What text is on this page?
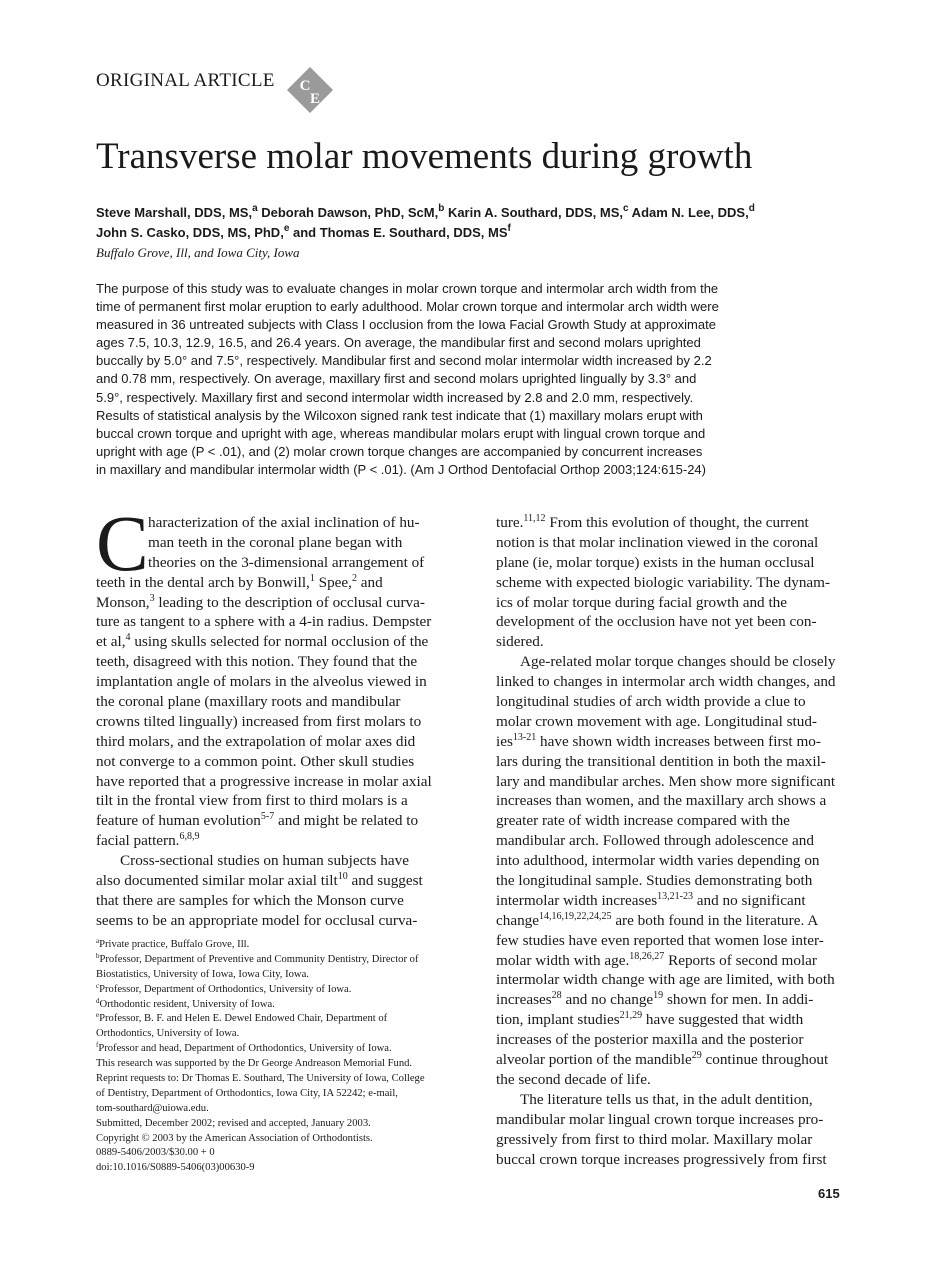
ORIGINAL ARTICLE C
E
Transverse molar movements during growth
Steve Marshall, DDS, MS,$^a$ Deborah Dawson, PhD, ScM,$^b$ Karin A. Southard, DDS, MS,$^c$ Adam N. Lee, DDS,$^d$
John S. Casko, DDS, MS, PhD,$^e$ and Thomas E. Southard, DDS, $MS^f$
Buffalo Grove, Ill, and Iowa City, Iowa
The purpose of this study was to evaluate changes in molar crown torque and intermolar arch width from the
time of permanent first molar eruption to early adulthood. Molar crown torque and intermolar arch width were
measured in 36 untreated subjects with Class I occlusion from the Iowa Facial Growth Study at approximate
ages 7.5, 10.3, 12.9, 16.5, and 26.4 years. On average, the mandibular first and second molars uprighted
buccally by 5.0° and 7.5°, respectively. Mandibular first and second molar intermolar width increased by 2.2
and 0.78 mm, respectively. On average, maxillary first and second molars uprighted lingually by 3.3° and
5.9°, respectively. Maxillary first and second intermolar width increased by 2.8 and 2.0 mm, respectively.
Results of statistical analysis by the Wilcoxon signed rank test indicate that (1) maxillary molars erupt with
buccal crown torque and upright with age, whereas mandibular molars erupt with lingual crown torque and
upright with age (P < .01), and (2) molar crown torque changes are accompanied by concurrent increases
in maxillary and mandibular intermolar width (P < .01). (Am J Orthod Dentofacial Orthop 2003;124:615-24)
C haracterization of the axial inclination of hu-
man teeth in the coronal plane began with
theories on the 3-dimensional arrangement of
teeth in the dental arch by Bonwill,$^1$ Spee,$^2$ and
Monson,$^3$ leading to the description of occlusal curva-
ture as tangent to a sphere with a 4-in radius. Dempster
et al,$^4$ using skulls selected for normal occlusion of the
teeth, disagreed with this notion. They found that the
implantation angle of molars in the alveolus viewed in
the coronal plane (maxillary roots and mandibular
crowns tilted lingually) increased from first molars to
third molars, and the extrapolation of molar axes did
not converge to a common point. Other skull studies
have reported that a progressive increase in molar axial
tilt in the frontal view from first to third molars is a
feature of human evolution$^{5-7}$ and might be related to
facial pattern.$^{6,8,9}$
Cross-sectional studies on human subjects have
also documented similar molar axial tilt$^{10}$ and suggest
that there are samples for which the Monson curve
seems to be an appropriate model for occlusal curva-
ture.$^{11,12}$ From this evolution of thought, the current
notion is that molar inclination viewed in the coronal
plane (ie, molar torque) exists in the human occlusal
scheme with expected biologic variability. The dynam-
ics of molar torque during facial growth and the
development of the occlusion have not yet been con-
sidered.
Age-related molar torque changes should be closely
linked to changes in intermolar arch width changes, and
longitudinal studies of arch width provide a clue to
molar crown movement with age. Longitudinal stud-
ies$^{13-21}$ have shown width increases between first mo-
lars during the transitional dentition in both the maxil-
lary and mandibular arches. Men show more significant
increases than women, and the maxillary arch shows a
greater rate of width increase compared with the
mandibular arch. Followed through adolescence and
into adulthood, intermolar width varies depending on
the longitudinal sample. Studies demonstrating both
intermolar width increases$^{13,21-23}$ and no significant
change$^{14,16,19,22,24,25}$ are both found in the literature. A
few studies have even reported that women lose inter-
molar width with age.$^{18,26,27}$ Reports of second molar
intermolar width change with age are limited, with both
increases$^{28}$ and no change$^{19}$ shown for men. In addi-
tion, implant studies$^{21,29}$ have suggested that width
increases of the posterior maxilla and the posterior
alveolar portion of the mandible$^{29}$ continue throughout
the second decade of life.
The literature tells us that, in the adult dentition,
mandibular molar lingual crown torque increases pro-
gressively from first to third molar. Maxillary molar
buccal crown torque increases progressively from first
$^a$Private practice, Buffalo Grove, Ill.
$^b$Professor, Department of Preventive and Community Dentistry, Director of
Biostatistics, University of Iowa, Iowa City, Iowa.
$^c$Professor, Department of Orthodontics, University of Iowa.
$^d$Orthodontic resident, University of Iowa.
$^e$Professor, B. F. and Helen E. Dewel Endowed Chair, Department of
Orthodontics, University of Iowa.
$^f$Professor and head, Department of Orthodontics, University of Iowa.
This research was supported by the Dr George Andreason Memorial Fund.
Reprint requests to: Dr Thomas E. Southard, The University of Iowa, College
of Dentistry, Department of Orthodontics, Iowa City, IA 52242; e-mail,
tom-southard@uiowa.edu.
Submitted, December 2002; revised and accepted, January 2003.
Copyright © 2003 by the American Association of Orthodontists.
0889-5406/2003/$30.00 + 0
doi:10.1016/S0889-5406(03)00630-9
615
